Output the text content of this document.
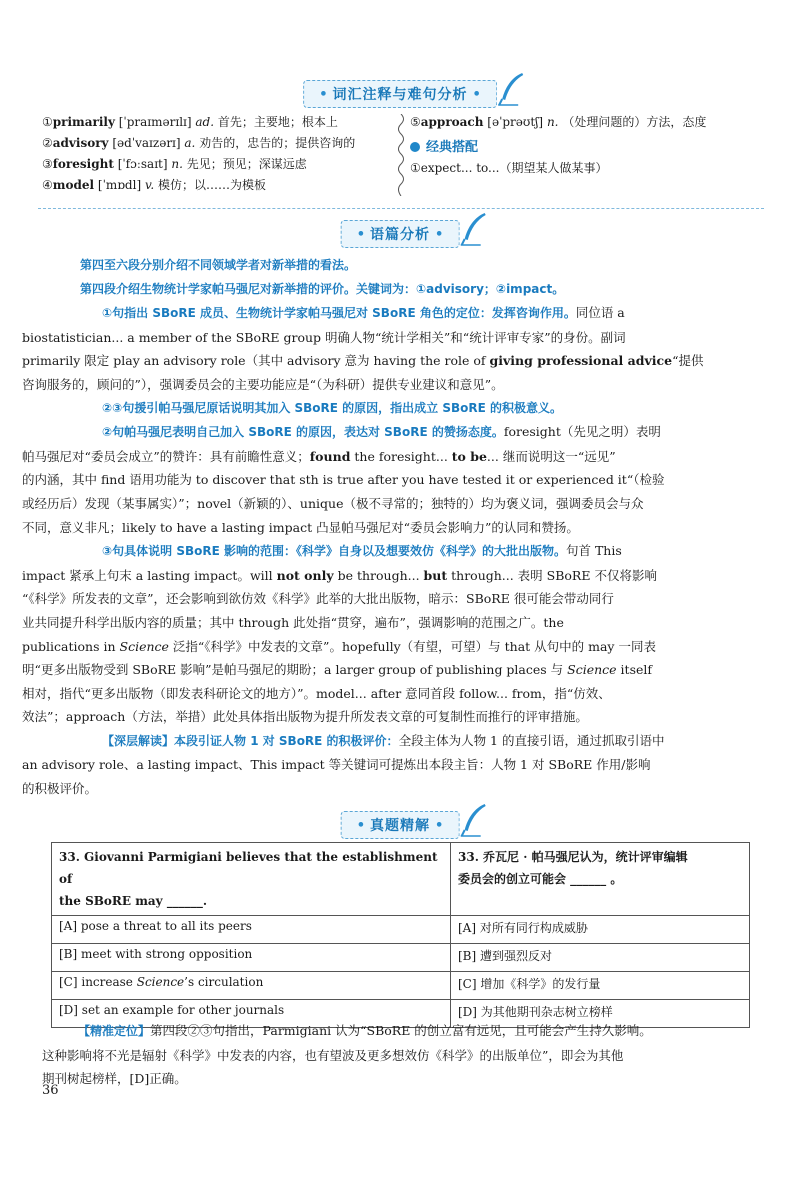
• 词汇注释与难句分析 •
①primarily [ˈpraɪmərɪlɪ] ad. 首先；主要地；根本上
②advisory [ədˈvaɪzərɪ] a. 劝告的，忠告的；提供咨询的
③foresight [ˈfɔːsaɪt] n. 先见；预见；深谋远虑
④model [ˈmɒdl] v. 模仿；以……为模板
⑤approach [əˈprəʊtʃ] n. （处理问题的）方法，态度
经典搭配
①expect... to...（期望某人做某事）
• 语篇分析 •

第四至六段分别介绍不同领域学者对新举措的看法。

第四段介绍生物统计学家帕马强尼对新举措的评价。关键词为：①advisory；②impact。

①句指出 SBoRE 成员、生物统计学家帕马强尼对 SBoRE 角色的定位：发挥咨询作用。同位语 a

biostatistician... a member of the SBoRE group 明确人物“统计学相关”和“统计评审专家”的身份。副词

primarily 限定 play an advisory role（其中 advisory 意为 having the role of giving professional advice“提供

咨询服务的，顾问的”），强调委员会的主要功能应是“（为科研）提供专业建议和意见”。

②③句援引帕马强尼原话说明其加入 SBoRE 的原因，指出成立 SBoRE 的积极意义。

②句帕马强尼表明自己加入 SBoRE 的原因，表达对 SBoRE 的赞扬态度。foresight（先见之明）表明

帕马强尼对“委员会成立”的赞许：具有前瞻性意义；found the foresight... to be... 继而说明这一“远见”

的内涵，其中 find 语用功能为 to discover that sth is true after you have tested it or experienced it“（检验

或经历后）发现（某事属实）”；novel（新颖的）、unique（极不寻常的；独特的）均为褒义词，强调委员会与众

不同，意义非凡；likely to have a lasting impact 凸显帕马强尼对“委员会影响力”的认同和赞扬。

③句具体说明 SBoRE 影响的范围：《科学》自身以及想要效仿《科学》的大批出版物。句首 This

impact 紧承上句末 a lasting impact。will not only be through... but through... 表明 SBoRE 不仅将影响

“《科学》所发表的文章”，还会影响到欲仿效《科学》此举的大批出版物，暗示：SBoRE 很可能会带动同行

业共同提升科学出版内容的质量；其中 through 此处指“贯穿，遍布”，强调影响的范围之广。the

publications in Science 泛指“《科学》中发表的文章”。hopefully（有望，可望）与 that 从句中的 may 一同表

明“更多出版物受到 SBoRE 影响”是帕马强尼的期盼；a larger group of publishing places 与 Science itself

相对，指代“更多出版物（即发表科研论文的地方）”。model... after 意同首段 follow... from，指“仿效、

效法”；approach（方法，举措）此处具体指出版物为提升所发表文章的可复制性而推行的评审措施。

【深层解读】本段引证人物 1 对 SBoRE 的积极评价：全段主体为人物 1 的直接引语，通过抓取引语中

an advisory role、a lasting impact、This impact 等关键词可提炼出本段主旨：人物 1 对 SBoRE 作用/影响

的积极评价。

• 真题精解 •
33. Giovanni Parmigiani believes that the establishment of
the SBoRE may ______.	33. 乔瓦尼 · 帕马强尼认为，统计评审编辑
委员会的创立可能会 ______ 。
[A] pose a threat to all its peers	[A] 对所有同行构成威胁
[B] meet with strong opposition	[B] 遭到强烈反对
[C] increase Science’s circulation	[C] 增加《科学》的发行量
[D] set an example for other journals	[D] 为其他期刊杂志树立榜样
【精准定位】第四段②③句指出，Parmigiani 认为“SBoRE 的创立富有远见，且可能会产生持久影响。
这种影响将不光是辐射《科学》中发表的内容，也有望波及更多想效仿《科学》的出版单位”，即会为其他
期刊树起榜样，[D]正确。
36
